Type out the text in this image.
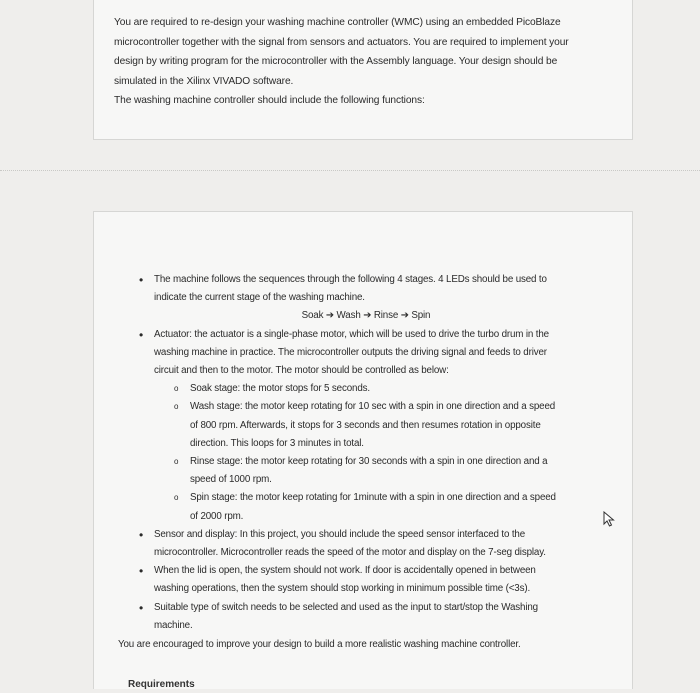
You are required to re-design your washing machine controller (WMC) using an embedded PicoBlaze

microcontroller together with the signal from sensors and actuators. You are required to implement your

design by writing program for the microcontroller with the Assembly language. Your design should be

simulated in the Xilinx VIVADO software.

The washing machine controller should include the following functions:

• The machine follows the sequences through the following 4 stages. 4 LEDs should be used to
indicate the current stage of the washing machine.
Soak ➔ Wash ➔ Rinse ➔ Spin
• Actuator: the actuator is a single-phase motor, which will be used to drive the turbo drum in the
washing machine in practice. The microcontroller outputs the driving signal and feeds to driver
circuit and then to the motor. The motor should be controlled as below:
o Soak stage: the motor stops for 5 seconds.
o Wash stage: the motor keep rotating for 10 sec with a spin in one direction and a speed
of 800 rpm. Afterwards, it stops for 3 seconds and then resumes rotation in opposite
direction. This loops for 3 minutes in total.
o Rinse stage: the motor keep rotating for 30 seconds with a spin in one direction and a
speed of 1000 rpm.
o Spin stage: the motor keep rotating for 1minute with a spin in one direction and a speed
of 2000 rpm.
• Sensor and display: In this project, you should include the speed sensor interfaced to the
microcontroller. Microcontroller reads the speed of the motor and display on the 7-seg display.
• When the lid is open, the system should not work. If door is accidentally opened in between
washing operations, then the system should stop working in minimum possible time (<3s).
• Suitable type of switch needs to be selected and used as the input to start/stop the Washing
machine.
You are encouraged to improve your design to build a more realistic washing machine controller.
Requirements
